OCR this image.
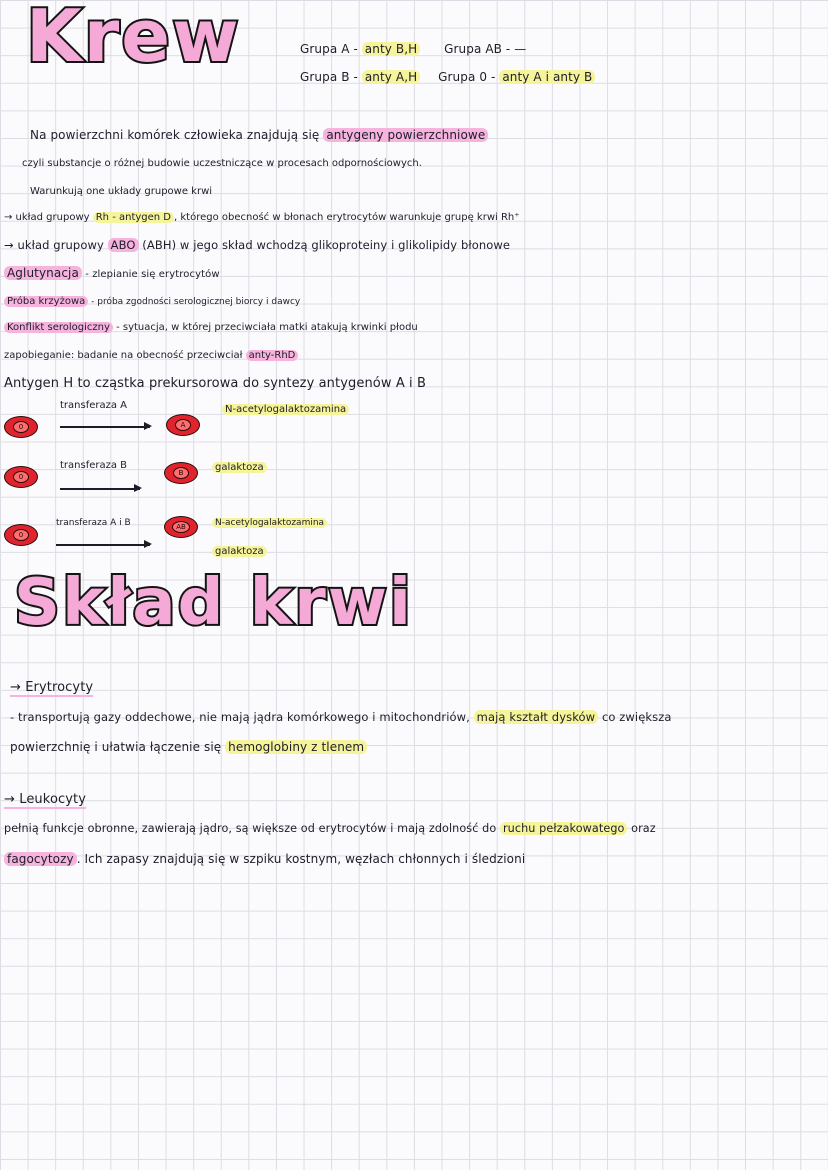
Krew	Grupa A - anty B,H Grupa AB - —
Grupa B - anty A,H Grupa 0 - anty A i anty B
Na powierzchni komórek człowieka znajdują się antygeny powierzchniowe
czyli substancje o różnej budowie uczestniczące w procesach odpornościowych.
Warunkują one układy grupowe krwi
→ układ grupowy Rh - antygen D , którego obecność w błonach erytrocytów warunkuje grupę krwi Rh⁺
→ układ grupowy ABO (ABH) w jego skład wchodzą glikoproteiny i glikolipidy błonowe
Aglutynacja - zlepianie się erytrocytów
Próba krzyżowa - próba zgodności serologicznej biorcy i dawcy
Konflikt serologiczny - sytuacja, w której przeciwciała matki atakują krwinki płodu
zapobieganie: badanie na obecność przeciwciał anty-RhD
Antygen H to cząstka prekursorowa do syntezy antygenów A i B
0
transferaza A
A
N-acetylogalaktozamina
0
transferaza B
B	galaktoza
0
transferaza A i B	AB	N-acetylogalaktozamina
galaktoza
Skład krwi
→ Erytrocyty
- transportują gazy oddechowe, nie mają jądra komórkowego i mitochondriów, mają kształt dysków co zwiększa
powierzchnię i ułatwia łączenie się hemoglobiny z tlenem
→ Leukocyty
pełnią funkcje obronne, zawierają jądro, są większe od erytrocytów i mają zdolność do ruchu pełzakowatego oraz
fagocytozy . Ich zapasy znajdują się w szpiku kostnym, węzłach chłonnych i śledzioni
